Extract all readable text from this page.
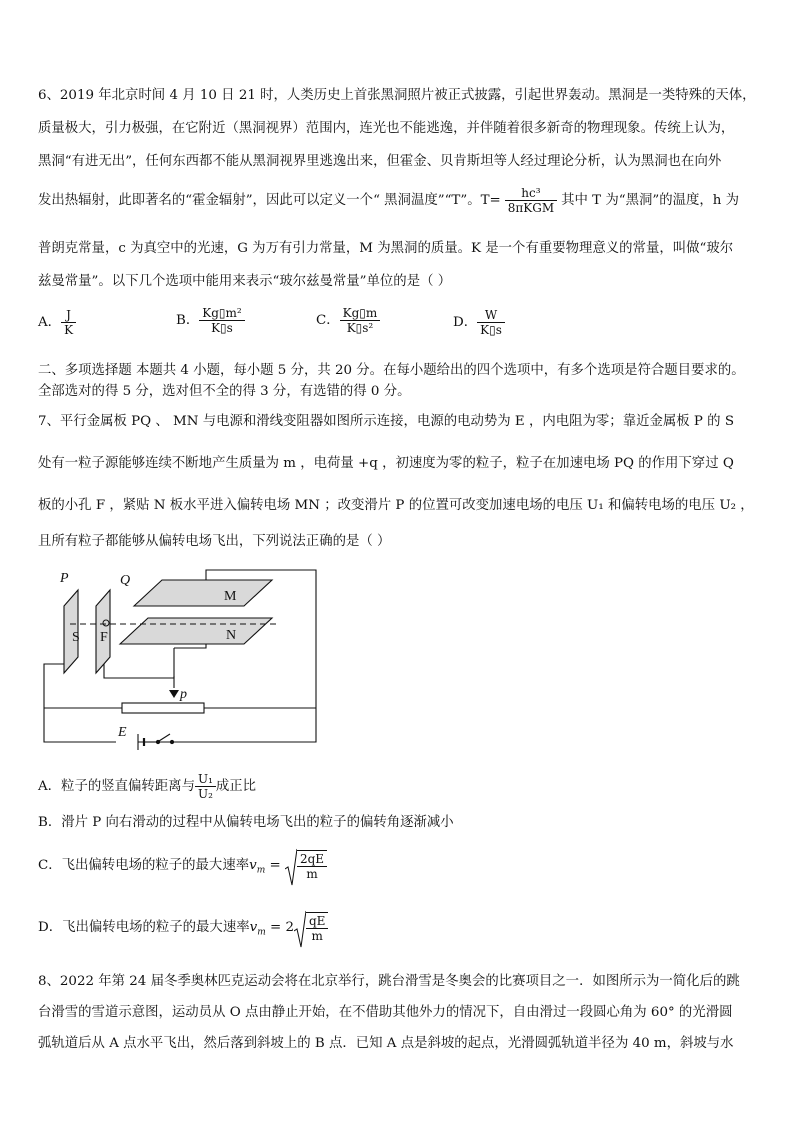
6、2019 年北京时间 4 月 10 日 21 时，人类历史上首张黑洞照片被正式披露，引起世界轰动。黑洞是一类特殊的天体，
质量极大，引力极强，在它附近（黑洞视界）范围内，连光也不能逃逸，并伴随着很多新奇的物理现象。传统上认为，
黑洞“有进无出”，任何东西都不能从黑洞视界里逃逸出来，但霍金、贝肯斯坦等人经过理论分析，认为黑洞也在向外
发出热辐射，此即著名的“霍金辐射”，因此可以定义一个“ 黑洞温度”“T”。$T= \frac{\text{hc³}}{\text{8πKGM}}$ 其中 T 为“黑洞”的温度，h 为
普朗克常量，c 为真空中的光速，G 为万有引力常量，M 为黑洞的质量。K 是一个有重要物理意义的常量，叫做“玻尔
兹曼常量”。以下几个选项中能用来表示“玻尔兹曼常量”单位的是（ ）
A． $\frac{J}{K}$	B． $\frac{\text{Kg▯m²}}{K▯s}$	C． $\frac{Kg▯m}{\text{K▯s²}}$	D． $\frac{W}{K▯s}$
二、多项选择题 本题共 4 小题，每小题 5 分，共 20 分。在每小题给出的四个选项中，有多个选项是符合题目要求的。
全部选对的得 5 分，选对但不全的得 3 分，有选错的得 0 分。
7、平行金属板 PQ 、 MN 与电源和滑线变阻器如图所示连接，电源的电动势为 E ，内电阻为零；靠近金属板 P 的 S
处有一粒子源能够连续不断地产生质量为 m ，电荷量 +q ，初速度为零的粒子，粒子在加速电场 PQ 的作用下穿过 Q
板的小孔 F ，紧贴 N 板水平进入偏转电场 MN ；改变滑片 P 的位置可改变加速电场的电压 U₁ 和偏转电场的电压 U₂ ，
且所有粒子都能够从偏转电场飞出，下列说法正确的是（ ）
P	Q
M
N
S F
p
E
A．粒子的竖直偏转距离与 $\frac{\text{U₁}}{\text{U₂}}$ 成正比
B．滑片 P 向右滑动的过程中从偏转电场飞出的粒子的偏转角逐渐减小
C．飞出偏转电场的粒子的最大速率$v_m = \frac{2qE}{m}$
D．飞出偏转电场的粒子的最大速率$v_m = 2 \frac{qE}{m}$
8、2022 年第 24 届冬季奥林匹克运动会将在北京举行，跳台滑雪是冬奥会的比赛项目之一．如图所示为一简化后的跳
台滑雪的雪道示意图，运动员从 O 点由静止开始，在不借助其他外力的情况下，自由滑过一段圆心角为 60° 的光滑圆
弧轨道后从 A 点水平飞出，然后落到斜坡上的 B 点．已知 A 点是斜坡的起点，光滑圆弧轨道半径为 40 m，斜坡与水
